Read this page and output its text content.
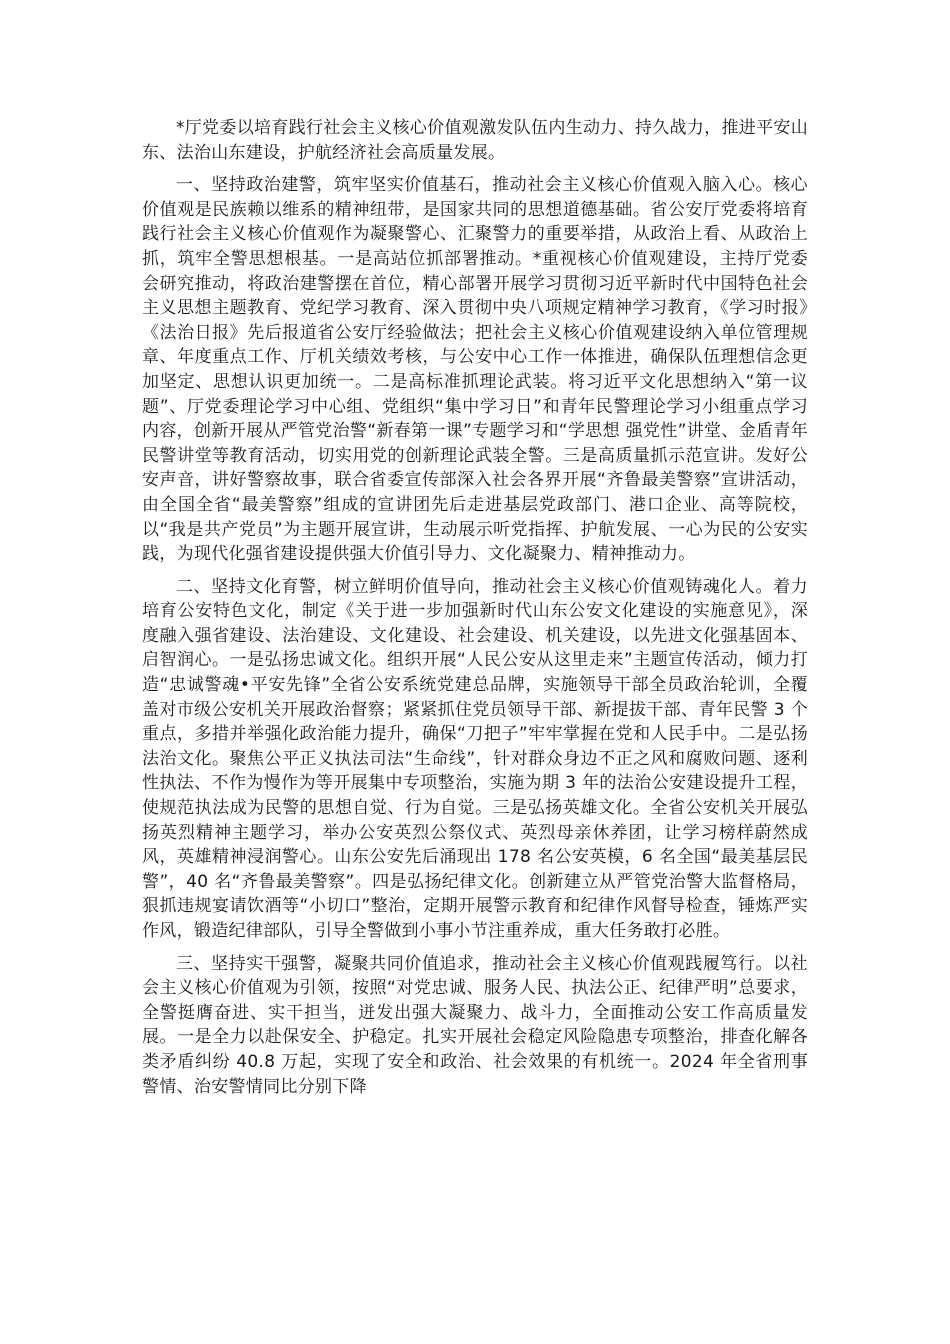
*厅党委以培育践行社会主义核心价值观激发队伍内生动力、持久战力，推进平安山东、法治山东建设，护航经济社会高质量发展。

一、坚持政治建警，筑牢坚实价值基石，推动社会主义核心价值观入脑入心。核心价值观是民族赖以维系的精神纽带，是国家共同的思想道德基础。省公安厅党委将培育践行社会主义核心价值观作为凝聚警心、汇聚警力的重要举措，从政治上看、从政治上抓，筑牢全警思想根基。一是高站位抓部署推动。*重视核心价值观建设，主持厅党委会研究推动，将政治建警摆在首位，精心部署开展学习贯彻习近平新时代中国特色社会主义思想主题教育、党纪学习教育、深入贯彻中央八项规定精神学习教育，《学习时报》《法治日报》先后报道省公安厅经验做法；把社会主义核心价值观建设纳入单位管理规章、年度重点工作、厅机关绩效考核，与公安中心工作一体推进，确保队伍理想信念更加坚定、思想认识更加统一。二是高标准抓理论武装。将习近平文化思想纳入“第一议题”、厅党委理论学习中心组、党组织“集中学习日”和青年民警理论学习小组重点学习内容，创新开展从严管党治警“新春第一课”专题学习和“学思想 强党性”讲堂、金盾青年民警讲堂等教育活动，切实用党的创新理论武装全警。三是高质量抓示范宣讲。发好公安声音，讲好警察故事，联合省委宣传部深入社会各界开展“齐鲁最美警察”宣讲活动，由全国全省“最美警察”组成的宣讲团先后走进基层党政部门、港口企业、高等院校，以“我是共产党员”为主题开展宣讲，生动展示听党指挥、护航发展、一心为民的公安实践，为现代化强省建设提供强大价值引导力、文化凝聚力、精神推动力。

二、坚持文化育警，树立鲜明价值导向，推动社会主义核心价值观铸魂化人。着力培育公安特色文化，制定《关于进一步加强新时代山东公安文化建设的实施意见》，深度融入强省建设、法治建设、文化建设、社会建设、机关建设，以先进文化强基固本、启智润心。一是弘扬忠诚文化。组织开展“人民公安从这里走来”主题宣传活动，倾力打造“忠诚警魂•平安先锋”全省公安系统党建总品牌，实施领导干部全员政治轮训，全覆盖对市级公安机关开展政治督察；紧紧抓住党员领导干部、新提拔干部、青年民警 3 个重点，多措并举强化政治能力提升，确保“刀把子”牢牢掌握在党和人民手中。二是弘扬法治文化。聚焦公平正义执法司法“生命线”，针对群众身边不正之风和腐败问题、逐利性执法、不作为慢作为等开展集中专项整治，实施为期 3 年的法治公安建设提升工程，使规范执法成为民警的思想自觉、行为自觉。三是弘扬英雄文化。全省公安机关开展弘扬英烈精神主题学习，举办公安英烈公祭仪式、英烈母亲休养团，让学习榜样蔚然成风，英雄精神浸润警心。山东公安先后涌现出 178 名公安英模，6 名全国“最美基层民警”，40 名“齐鲁最美警察”。四是弘扬纪律文化。创新建立从严管党治警大监督格局，狠抓违规宴请饮酒等“小切口”整治，定期开展警示教育和纪律作风督导检查，锤炼严实作风，锻造纪律部队，引导全警做到小事小节注重养成，重大任务敢打必胜。

三、坚持实干强警，凝聚共同价值追求，推动社会主义核心价值观践履笃行。以社会主义核心价值观为引领，按照“对党忠诚、服务人民、执法公正、纪律严明”总要求，全警挺膺奋进、实干担当，迸发出强大凝聚力、战斗力，全面推动公安工作高质量发展。一是全力以赴保安全、护稳定。扎实开展社会稳定风险隐患专项整治，排查化解各类矛盾纠纷 40.8 万起，实现了安全和政治、社会效果的有机统一。2024 年全省刑事警情、治安警情同比分别下降
